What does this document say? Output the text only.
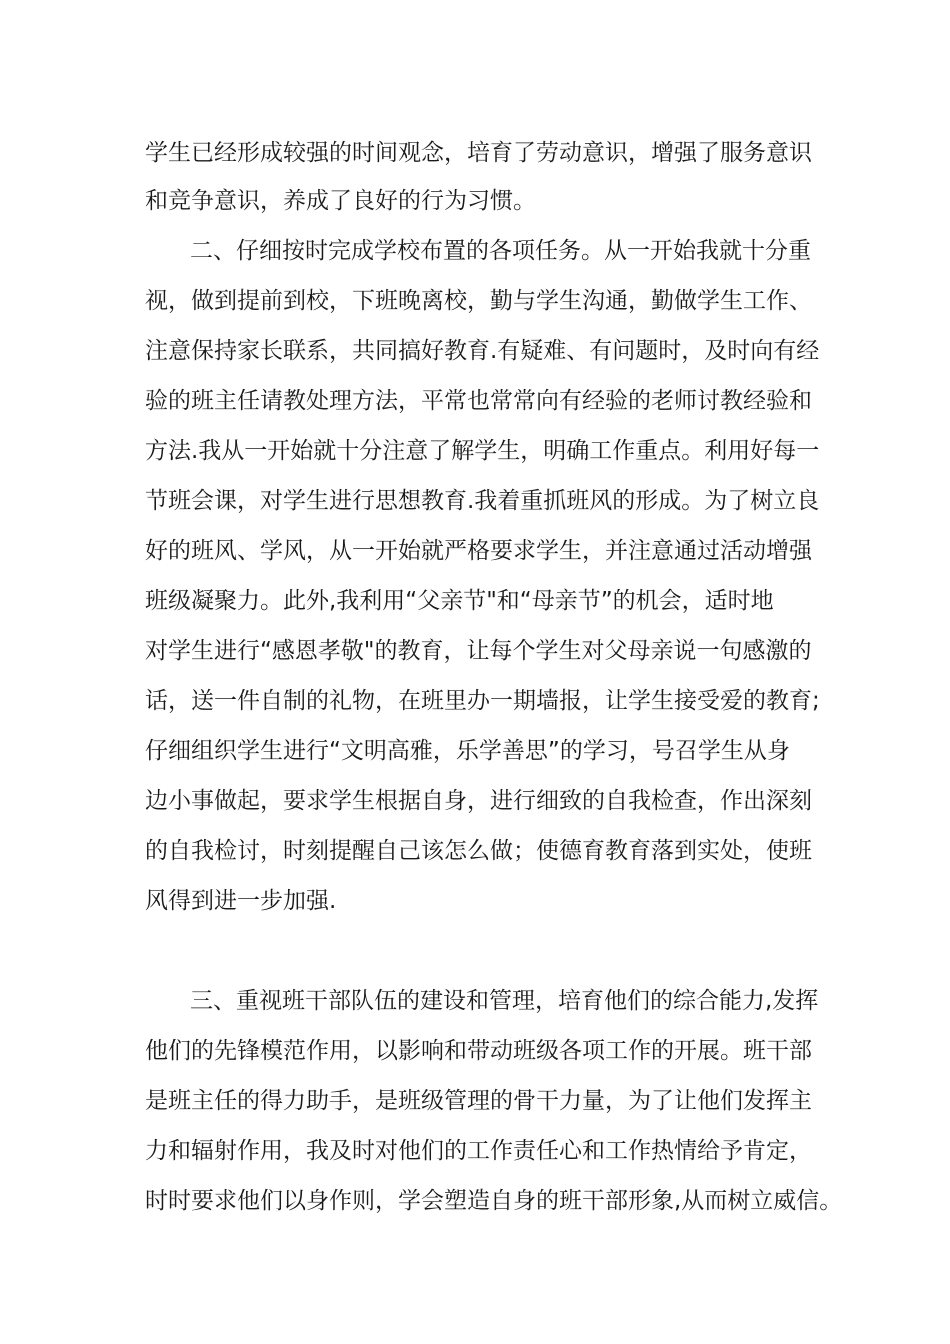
学生已经形成较强的时间观念，培育了劳动意识，增强了服务意识
和竞争意识，养成了良好的行为习惯。
二、仔细按时完成学校布置的各项任务。从一开始我就十分重
视，做到提前到校，下班晚离校，勤与学生沟通，勤做学生工作、
注意保持家长联系，共同搞好教育.有疑难、有问题时，及时向有经
验的班主任请教处理方法，平常也常常向有经验的老师讨教经验和
方法.我从一开始就十分注意了解学生，明确工作重点。利用好每一
节班会课，对学生进行思想教育.我着重抓班风的形成。为了树立良
好的班风、学风，从一开始就严格要求学生，并注意通过活动增强
班级凝聚力。此外,我利用“父亲节"和“母亲节”的机会，适时地
对学生进行“感恩孝敬"的教育，让每个学生对父母亲说一句感激的
话，送一件自制的礼物，在班里办一期墙报，让学生接受爱的教育;
仔细组织学生进行“文明高雅，乐学善思”的学习，号召学生从身
边小事做起，要求学生根据自身，进行细致的自我检查，作出深刻
的自我检讨，时刻提醒自己该怎么做；使德育教育落到实处，使班
风得到进一步加强.
三、重视班干部队伍的建设和管理，培育他们的综合能力,发挥
他们的先锋模范作用，以影响和带动班级各项工作的开展。班干部
是班主任的得力助手，是班级管理的骨干力量，为了让他们发挥主
力和辐射作用，我及时对他们的工作责任心和工作热情给予肯定，
时时要求他们以身作则，学会塑造自身的班干部形象,从而树立威信。
